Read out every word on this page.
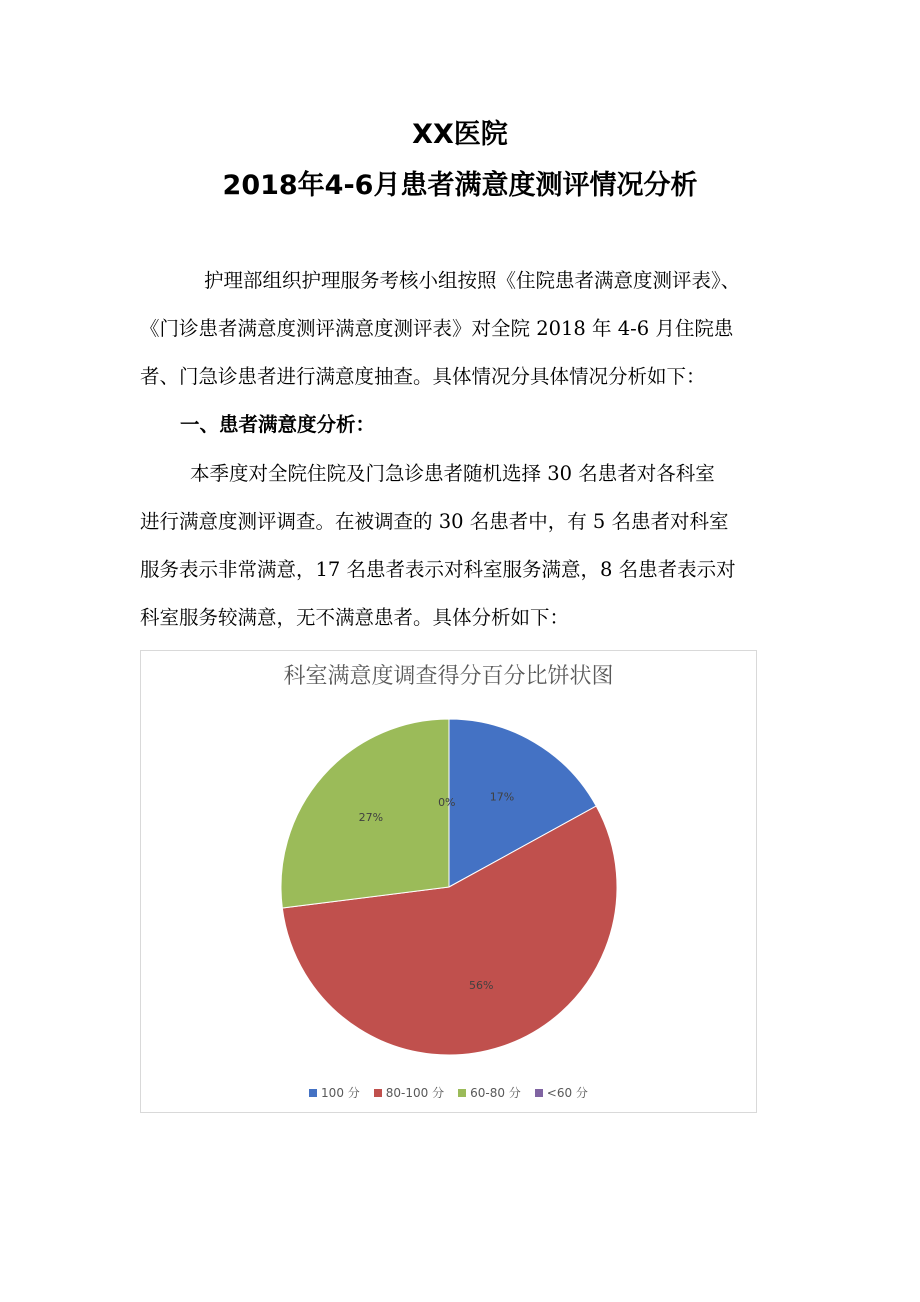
XX医院
2018年4-6月患者满意度测评情况分析

护理部组织护理服务考核小组按照《住院患者满意度测评表》、

《门诊患者满意度测评满意度测评表》对全院 2018 年 4-6 月住院患

者、门急诊患者进行满意度抽查。具体情况分具体情况分析如下：

一、患者满意度分析：

本季度对全院住院及门急诊患者随机选择 30 名患者对各科室

进行满意度测评调查。在被调查的 30 名患者中，有 5 名患者对科室

服务表示非常满意，17 名患者表示对科室服务满意，8 名患者表示对

科室服务较满意，无不满意患者。具体分析如下：

科室满意度调查得分百分比饼状图
17%
56%
27%
0%
100 分 80-100 分 60-80 分 <60 分
